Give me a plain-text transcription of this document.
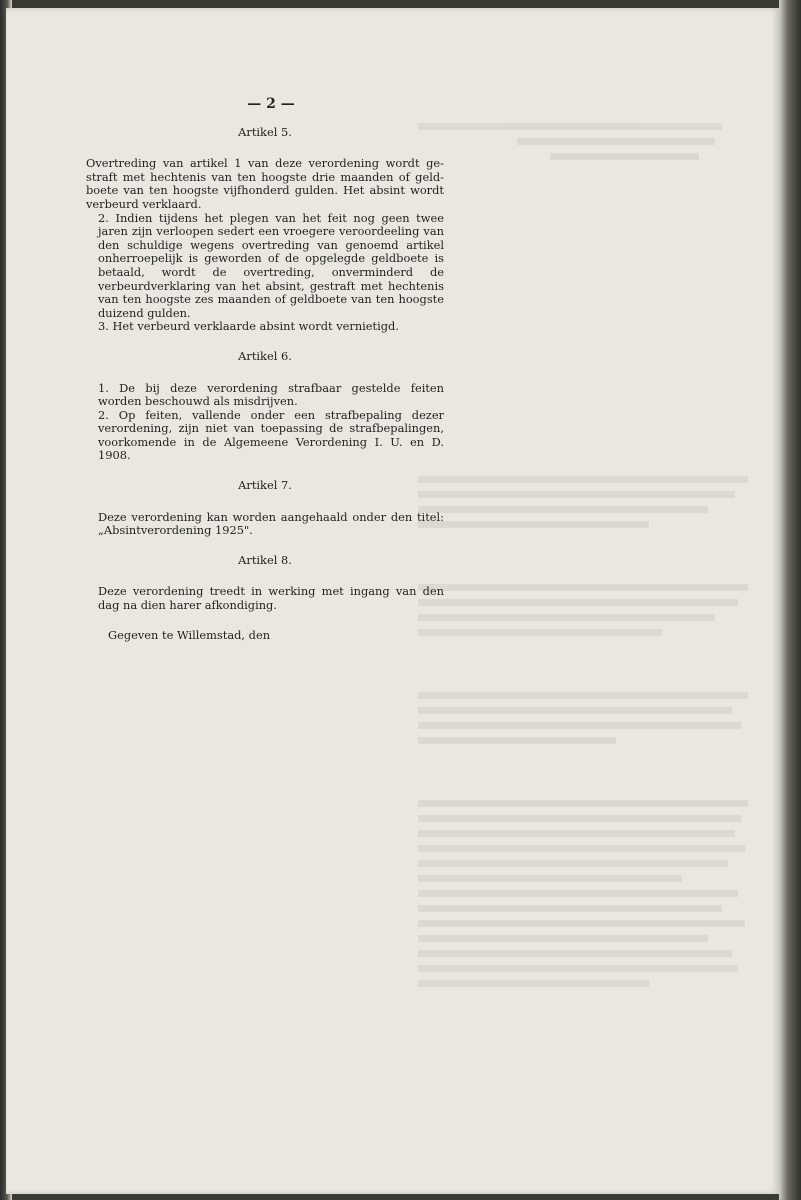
— 2 —
Artikel 5.

Overtreding van artikel 1 van deze verordening wordt gestraft met hechtenis van ten hoogste drie maanden of geldboete van ten hoogste vijfhonderd gulden. Het absint wordt verbeurd verklaard.

2. Indien tijdens het plegen van het feit nog geen twee jaren zijn verloopen sedert een vroegere veroordeeling van den schuldige wegens overtreding van genoemd artikel onherroepelijk is geworden of de opgelegde geldboete is betaald, wordt de overtreding, onverminderd de verbeurdverklaring van het absint, gestraft met hechtenis van ten hoogste zes maanden of geldboete van ten hoogste duizend gulden.

3. Het verbeurd verklaarde absint wordt vernietigd.

Artikel 6.

1. De bij deze verordening strafbaar gestelde feiten worden beschouwd als misdrijven.

2. Op feiten, vallende onder een strafbepaling dezer verordening, zijn niet van toepassing de strafbepalingen, voorkomende in de Algemeene Verordening I. U. en D. 1908.

Artikel 7.

Deze verordening kan worden aangehaald onder den titel: „Absintverordening 1925".

Artikel 8.

Deze verordening treedt in werking met ingang van den dag na dien harer afkondiging.

Gegeven te Willemstad, den
